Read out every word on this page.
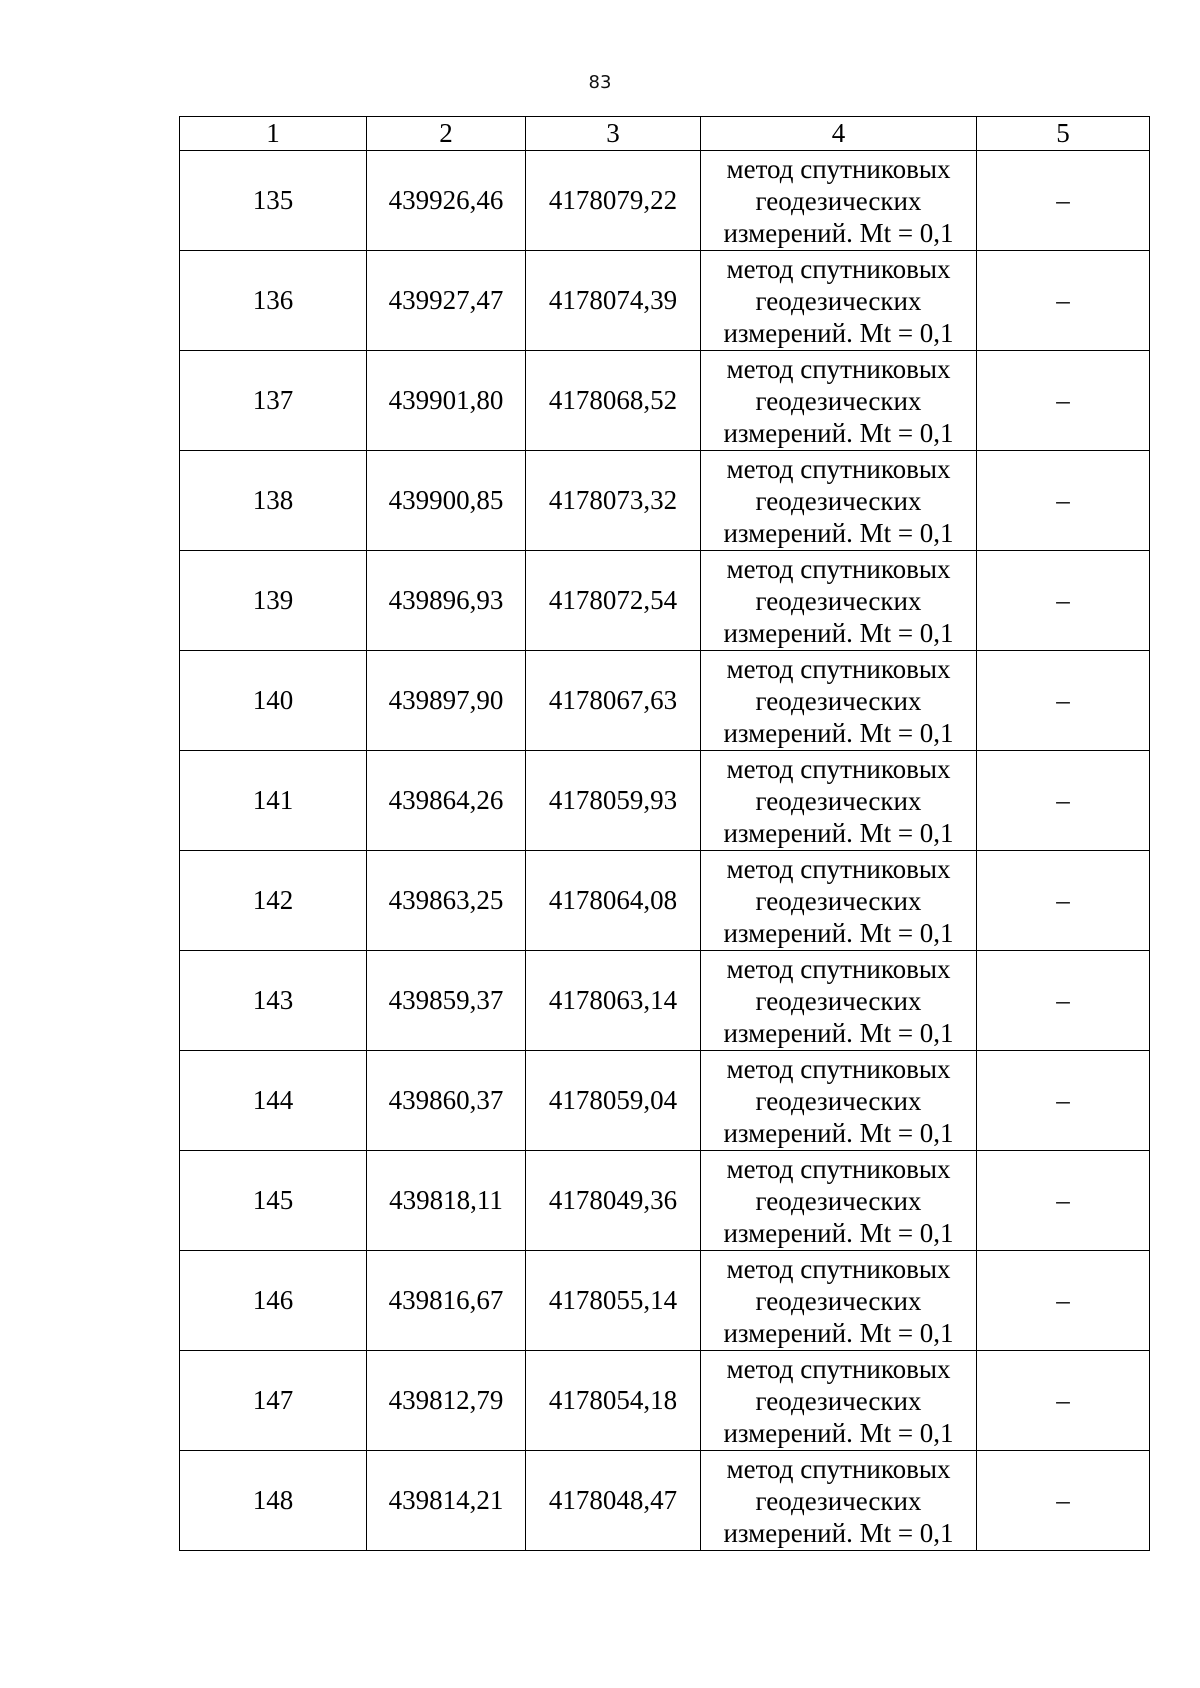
83
1	2	3	4	5
135	439926,46	4178079,22	метод спутниковых
геодезических
измерений. Mt = 0,1	–
136	439927,47	4178074,39	метод спутниковых
геодезических
измерений. Mt = 0,1	–
137	439901,80	4178068,52	метод спутниковых
геодезических
измерений. Mt = 0,1	–
138	439900,85	4178073,32	метод спутниковых
геодезических
измерений. Mt = 0,1	–
139	439896,93	4178072,54	метод спутниковых
геодезических
измерений. Mt = 0,1	–
140	439897,90	4178067,63	метод спутниковых
геодезических
измерений. Mt = 0,1	–
141	439864,26	4178059,93	метод спутниковых
геодезических
измерений. Mt = 0,1	–
142	439863,25	4178064,08	метод спутниковых
геодезических
измерений. Mt = 0,1	–
143	439859,37	4178063,14	метод спутниковых
геодезических
измерений. Mt = 0,1	–
144	439860,37	4178059,04	метод спутниковых
геодезических
измерений. Mt = 0,1	–
145	439818,11	4178049,36	метод спутниковых
геодезических
измерений. Mt = 0,1	–
146	439816,67	4178055,14	метод спутниковых
геодезических
измерений. Mt = 0,1	–
147	439812,79	4178054,18	метод спутниковых
геодезических
измерений. Mt = 0,1	–
148	439814,21	4178048,47	метод спутниковых
геодезических
измерений. Mt = 0,1	–
